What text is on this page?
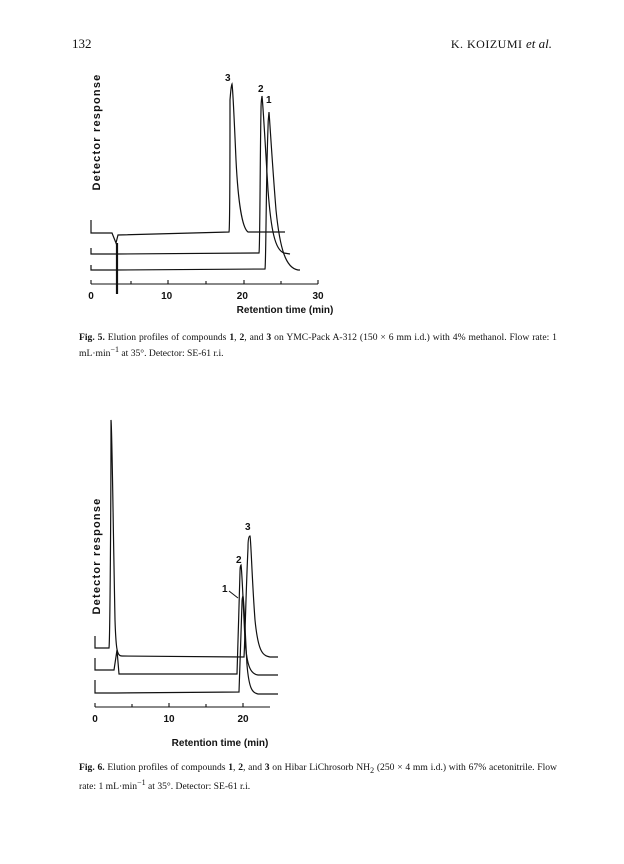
132	K. KOIZUMI et al.
Detector response	3
2
1
0	10	20	30
Retention time (min)
Fig. 5. Elution profiles of compounds 1, 2, and 3 on YMC-Pack A-312 (150 × 6 mm i.d.) with 4% methanol. Flow rate: 1 $mL\cdot\min^{-1}$ at 35°. Detector: SE-61 r.i.
Detector response	3
2
1
0	10	20
Retention time (min)
Fig. 6. Elution profiles of compounds 1, 2, and 3 on Hibar LiChrosorb $NH_2$ (250 × 4 mm i.d.) with 67% acetonitrile. Flow rate: 1 $mL\cdot\min^{-1}$ at 35°. Detector: SE-61 r.i.
